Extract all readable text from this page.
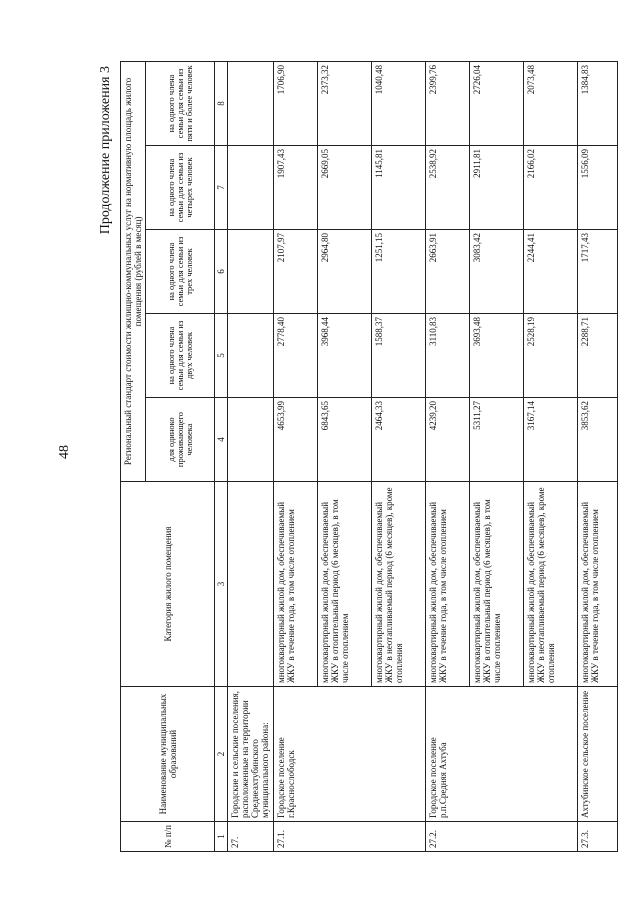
48
Продолжение приложения 3
№ п/п	Наименование муниципальных образований	Категория жилого помещения	Региональный стандарт стоимости жилищно-коммунальных услуг на нормативную площадь жилого помещения (рублей в месяц)				
			для одиноко проживающего человека	на одного члена семьи для семьи из двух человек	на одного члена семьи для семьи из трех человек	на одного члена семьи для семьи из четырех человек	на одного члена семьи для семьи из пяти и более человек
1	2	3	4	5	6	7	8
27.	Городские и сельские поселения, расположенные на территории Среднеахтубинского муниципального района:						
27.1.	Городское поселение г.Краснослободск	многоквартирный жилой дом, обеспечиваемый ЖКУ в течение года, в том числе отоплением	4653,99	2778,40	2107,97	1907,43	1706,90
		многоквартирный жилой дом, обеспечиваемый ЖКУ в отопительный период (6 месяцев), в том числе отоплением	6843,65	3968,44	2964,80	2669,05	2373,32
		многоквартирный жилой дом, обеспечиваемый ЖКУ в неотапливаемый период (6 месяцев), кроме отопления	2464,33	1588,37	1251,15	1145,81	1040,48
27.2.	Городское поселение р.п.Средняя Ахтуба	многоквартирный жилой дом, обеспечиваемый ЖКУ в течение года, в том числе отоплением	4239,20	3110,83	2663,91	2538,92	2399,76
		многоквартирный жилой дом, обеспечиваемый ЖКУ в отопительный период (6 месяцев), в том числе отоплением	5311,27	3693,48	3083,42	2911,81	2726,04
		многоквартирный жилой дом, обеспечиваемый ЖКУ в неотапливаемый период (6 месяцев), кроме отопления	3167,14	2528,19	2244,41	2166,02	2073,48
27.3.	Ахтубинское сельское поселение	многоквартирный жилой дом, обеспечиваемый ЖКУ в течение года, в том числе отоплением	3853,62	2288,71	1717,43	1556,09	1384,83
